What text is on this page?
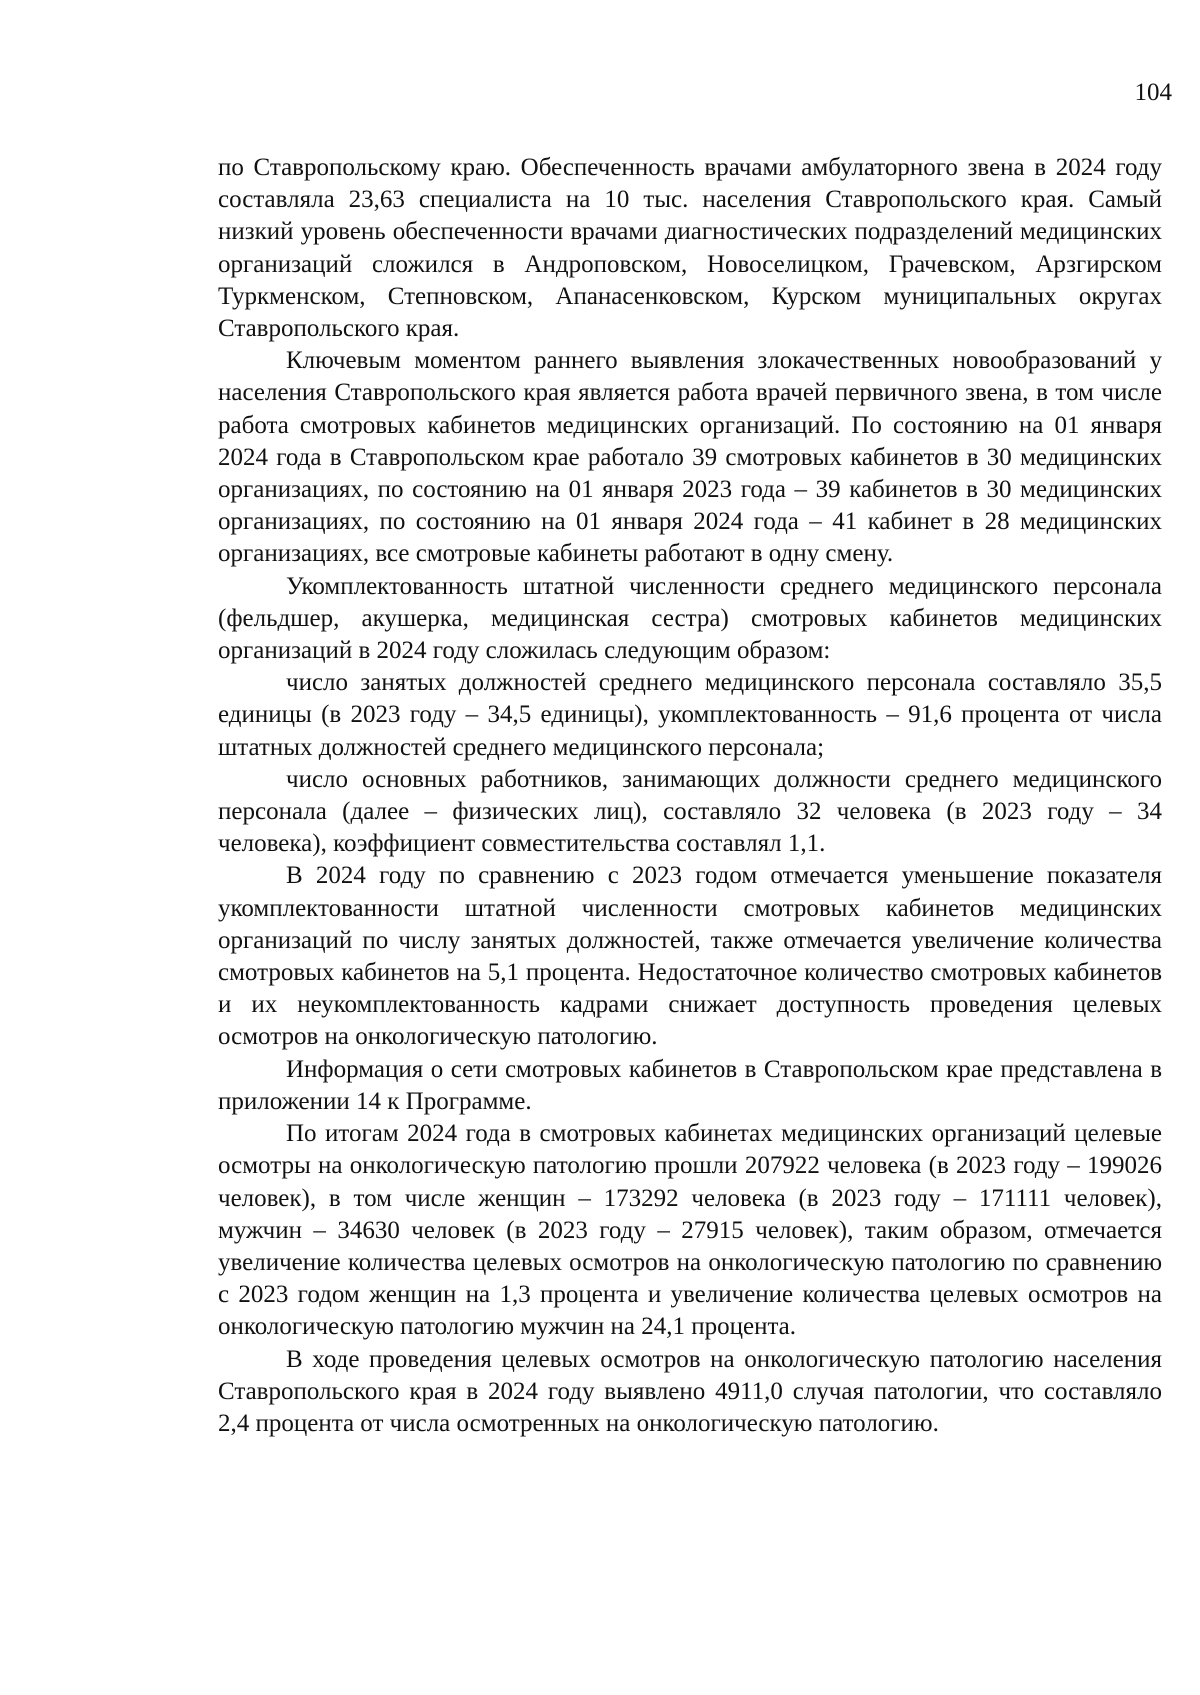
104

по Ставропольскому краю. Обеспеченность врачами амбулаторного звена в 2024 году составляла 23,63 специалиста на 10 тыс. населения Ставропольского края. Самый низкий уровень обеспеченности врачами диагностических подразделений медицинских организаций сложился в Андроповском, Новоселицком, Грачевском, Арзгирском Туркменском, Степновском, Апанасенковском, Курском муниципальных округах Ставропольского края.

Ключевым моментом раннего выявления злокачественных новообразований у населения Ставропольского края является работа врачей первичного звена, в том числе работа смотровых кабинетов медицинских организаций. По состоянию на 01 января 2024 года в Ставропольском крае работало 39 смотровых кабинетов в 30 медицинских организациях, по состоянию на 01 января 2023 года – 39 кабинетов в 30 медицинских организациях, по состоянию на 01 января 2024 года – 41 кабинет в 28 медицинских организациях, все смотровые кабинеты работают в одну смену.

Укомплектованность штатной численности среднего медицинского персонала (фельдшер, акушерка, медицинская сестра) смотровых кабинетов медицинских организаций в 2024 году сложилась следующим образом:

число занятых должностей среднего медицинского персонала составляло 35,5 единицы (в 2023 году – 34,5 единицы), укомплектованность – 91,6 процента от числа штатных должностей среднего медицинского персонала;

число основных работников, занимающих должности среднего медицинского персонала (далее – физических лиц), составляло 32 человека (в 2023 году – 34 человека), коэффициент совместительства составлял 1,1.

В 2024 году по сравнению с 2023 годом отмечается уменьшение показателя укомплектованности штатной численности смотровых кабинетов медицинских организаций по числу занятых должностей, также отмечается увеличение количества смотровых кабинетов на 5,1 процента. Недостаточное количество смотровых кабинетов и их неукомплектованность кадрами снижает доступность проведения целевых осмотров на онкологическую патологию.

Информация о сети смотровых кабинетов в Ставропольском крае представлена в приложении 14 к Программе.

По итогам 2024 года в смотровых кабинетах медицинских организаций целевые осмотры на онкологическую патологию прошли 207922 человека (в 2023 году – 199026 человек), в том числе женщин – 173292 человека (в 2023 году – 171111 человек), мужчин – 34630 человек (в 2023 году – 27915 человек), таким образом, отмечается увеличение количества целевых осмотров на онкологическую патологию по сравнению с 2023 годом женщин на 1,3 процента и увеличение количества целевых осмотров на онкологическую патологию мужчин на 24,1 процента.

В ходе проведения целевых осмотров на онкологическую патологию населения Ставропольского края в 2024 году выявлено 4911,0 случая патологии, что составляло 2,4 процента от числа осмотренных на онкологическую патологию.
